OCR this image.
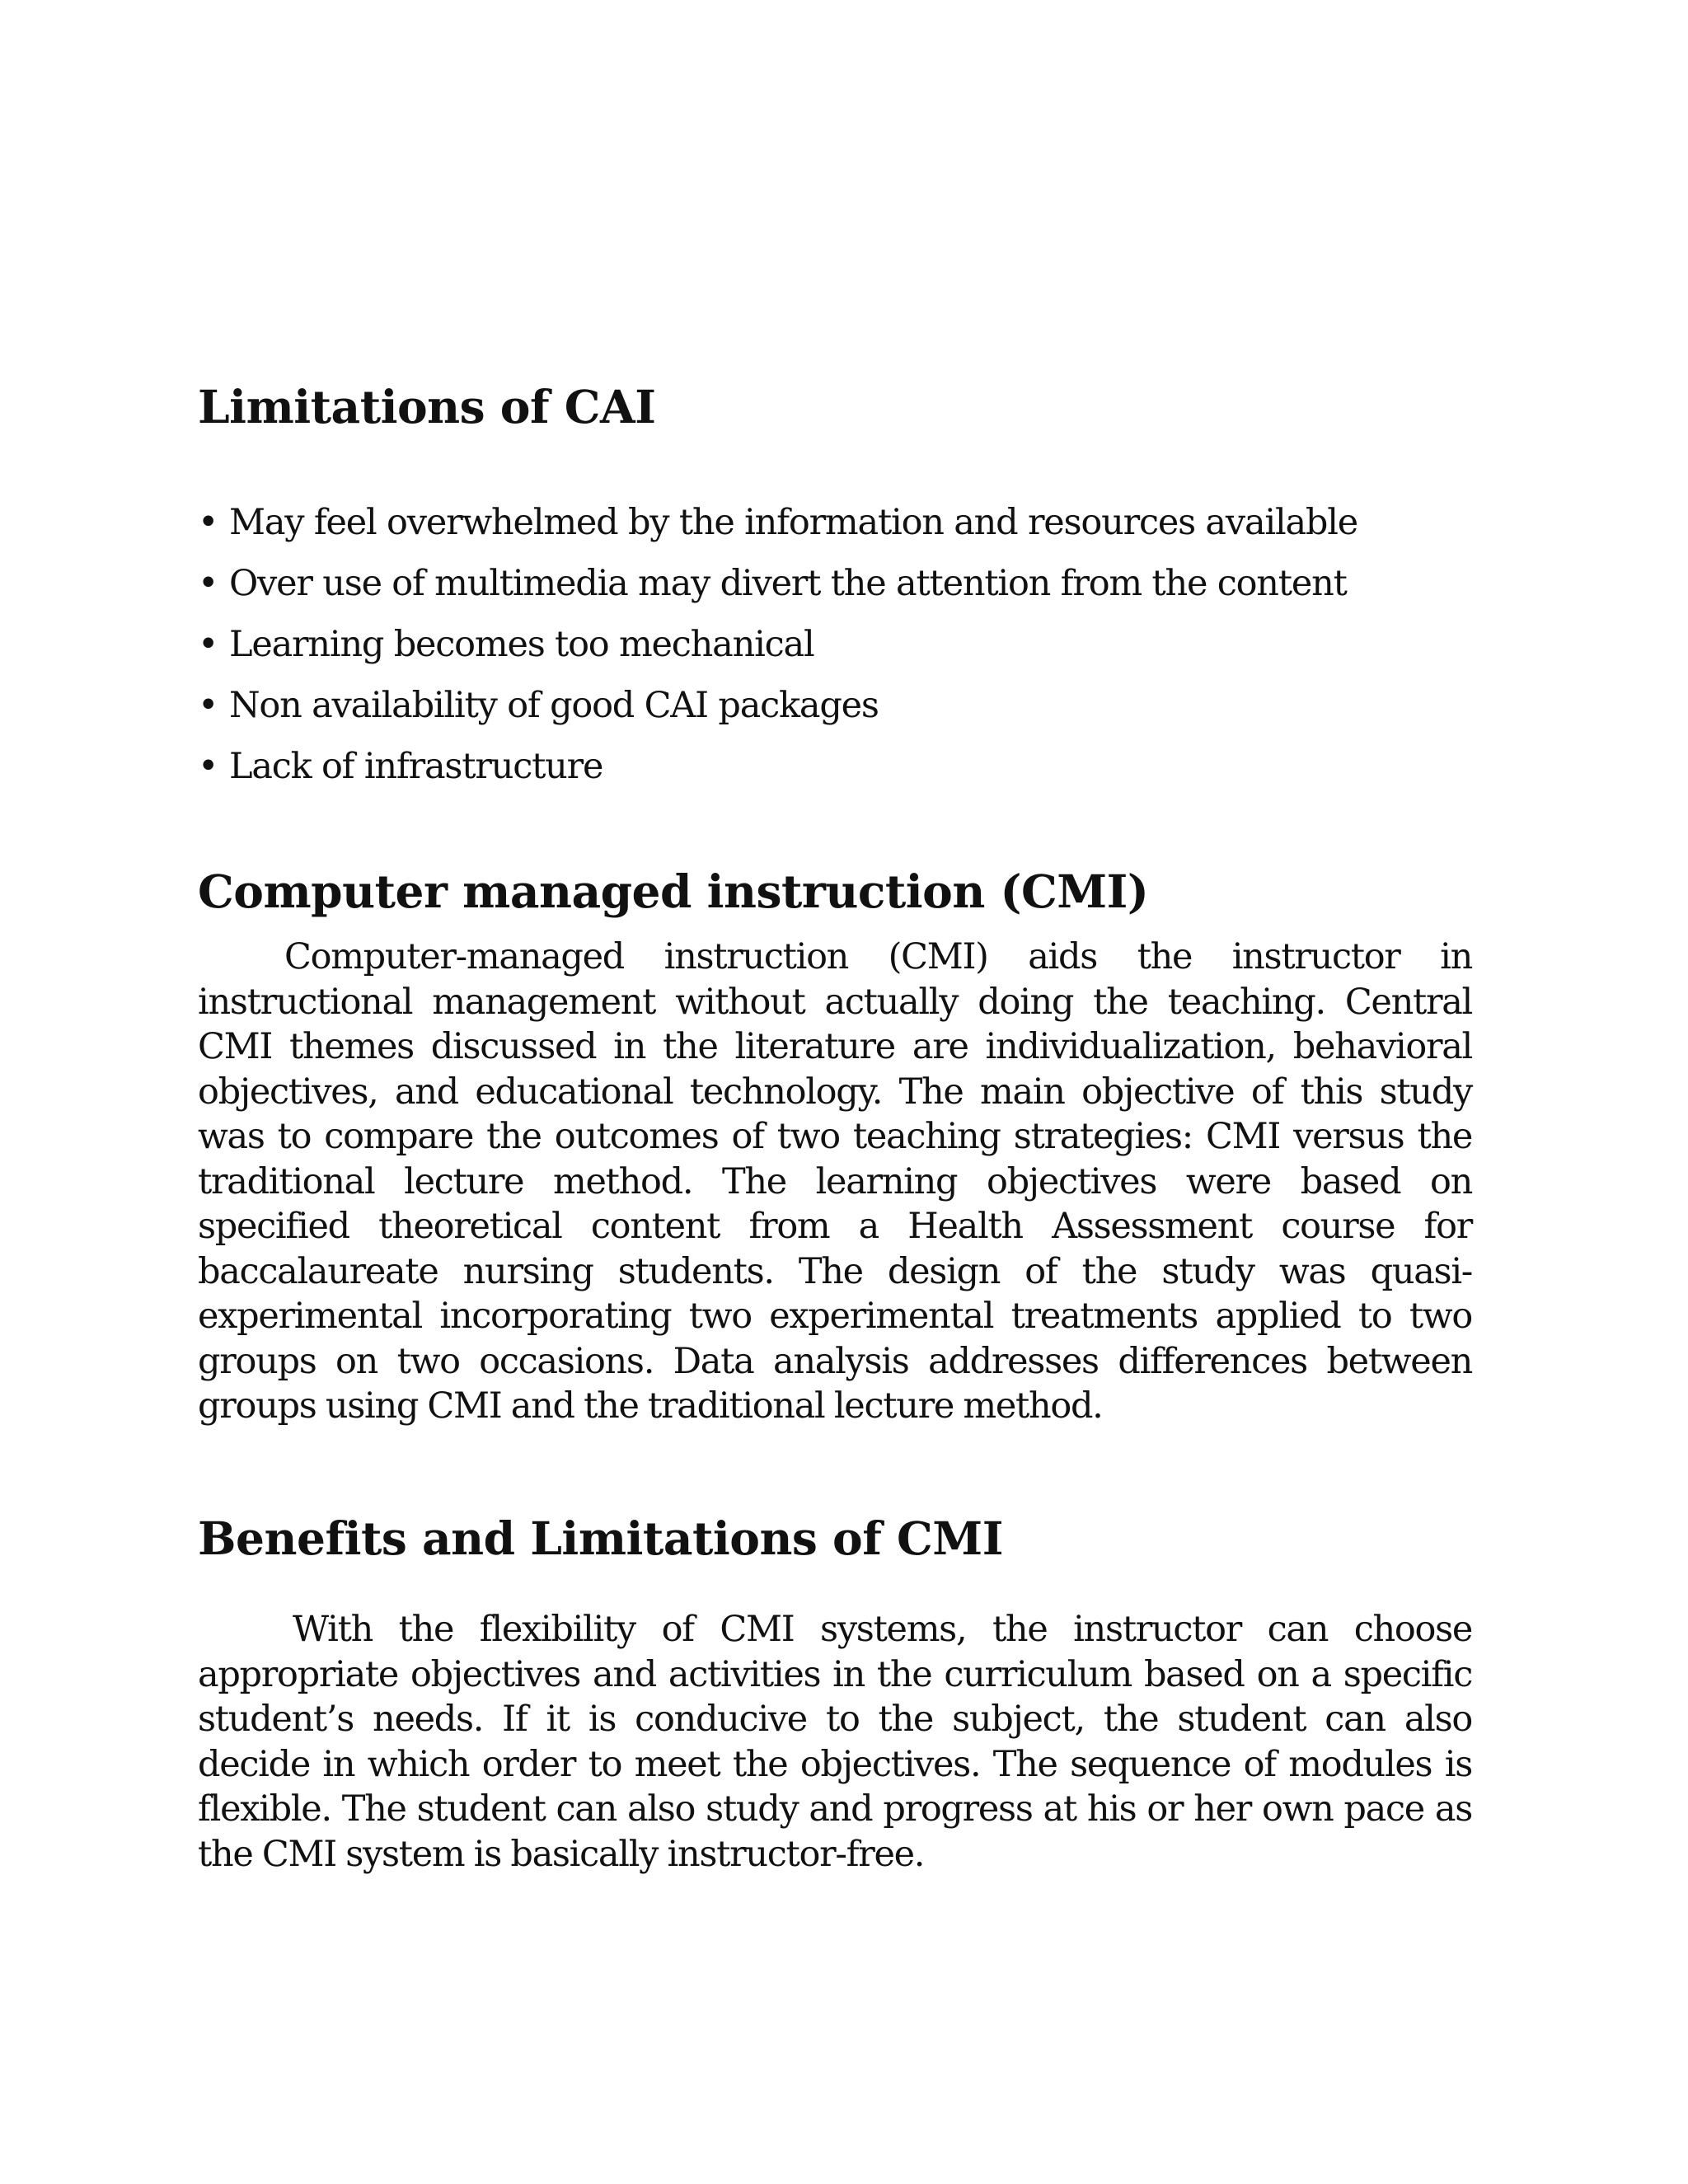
Limitations of CAI
• May feel overwhelmed by the information and resources available
• Over use of multimedia may divert the attention from the content
• Learning becomes too mechanical
• Non availability of good CAI packages
• Lack of infrastructure
Computer managed instruction (CMI)

Computer-managed instruction (CMI) aids the instructor in instructional management without actually doing the teaching. Central CMI themes discussed in the literature are individualization, behavioral objectives, and educational technology. The main objective of this study was to compare the outcomes of two teaching strategies: CMI versus the traditional lecture method. The learning objectives were based on specified theoretical content from a Health Assessment course for baccalaureate nursing students. The design of the study was quasi-experimental incorporating two experimental treatments applied to two groups on two occasions. Data analysis addresses differences between groups using CMI and the traditional lecture method.

Benefits and Limitations of CMI

With the flexibility of CMI systems, the instructor can choose appropriate objectives and activities in the curriculum based on a specific student’s needs. If it is conducive to the subject, the student can also decide in which order to meet the objectives. The sequence of modules is flexible. The student can also study and progress at his or her own pace as the CMI system is basically instructor-free.
